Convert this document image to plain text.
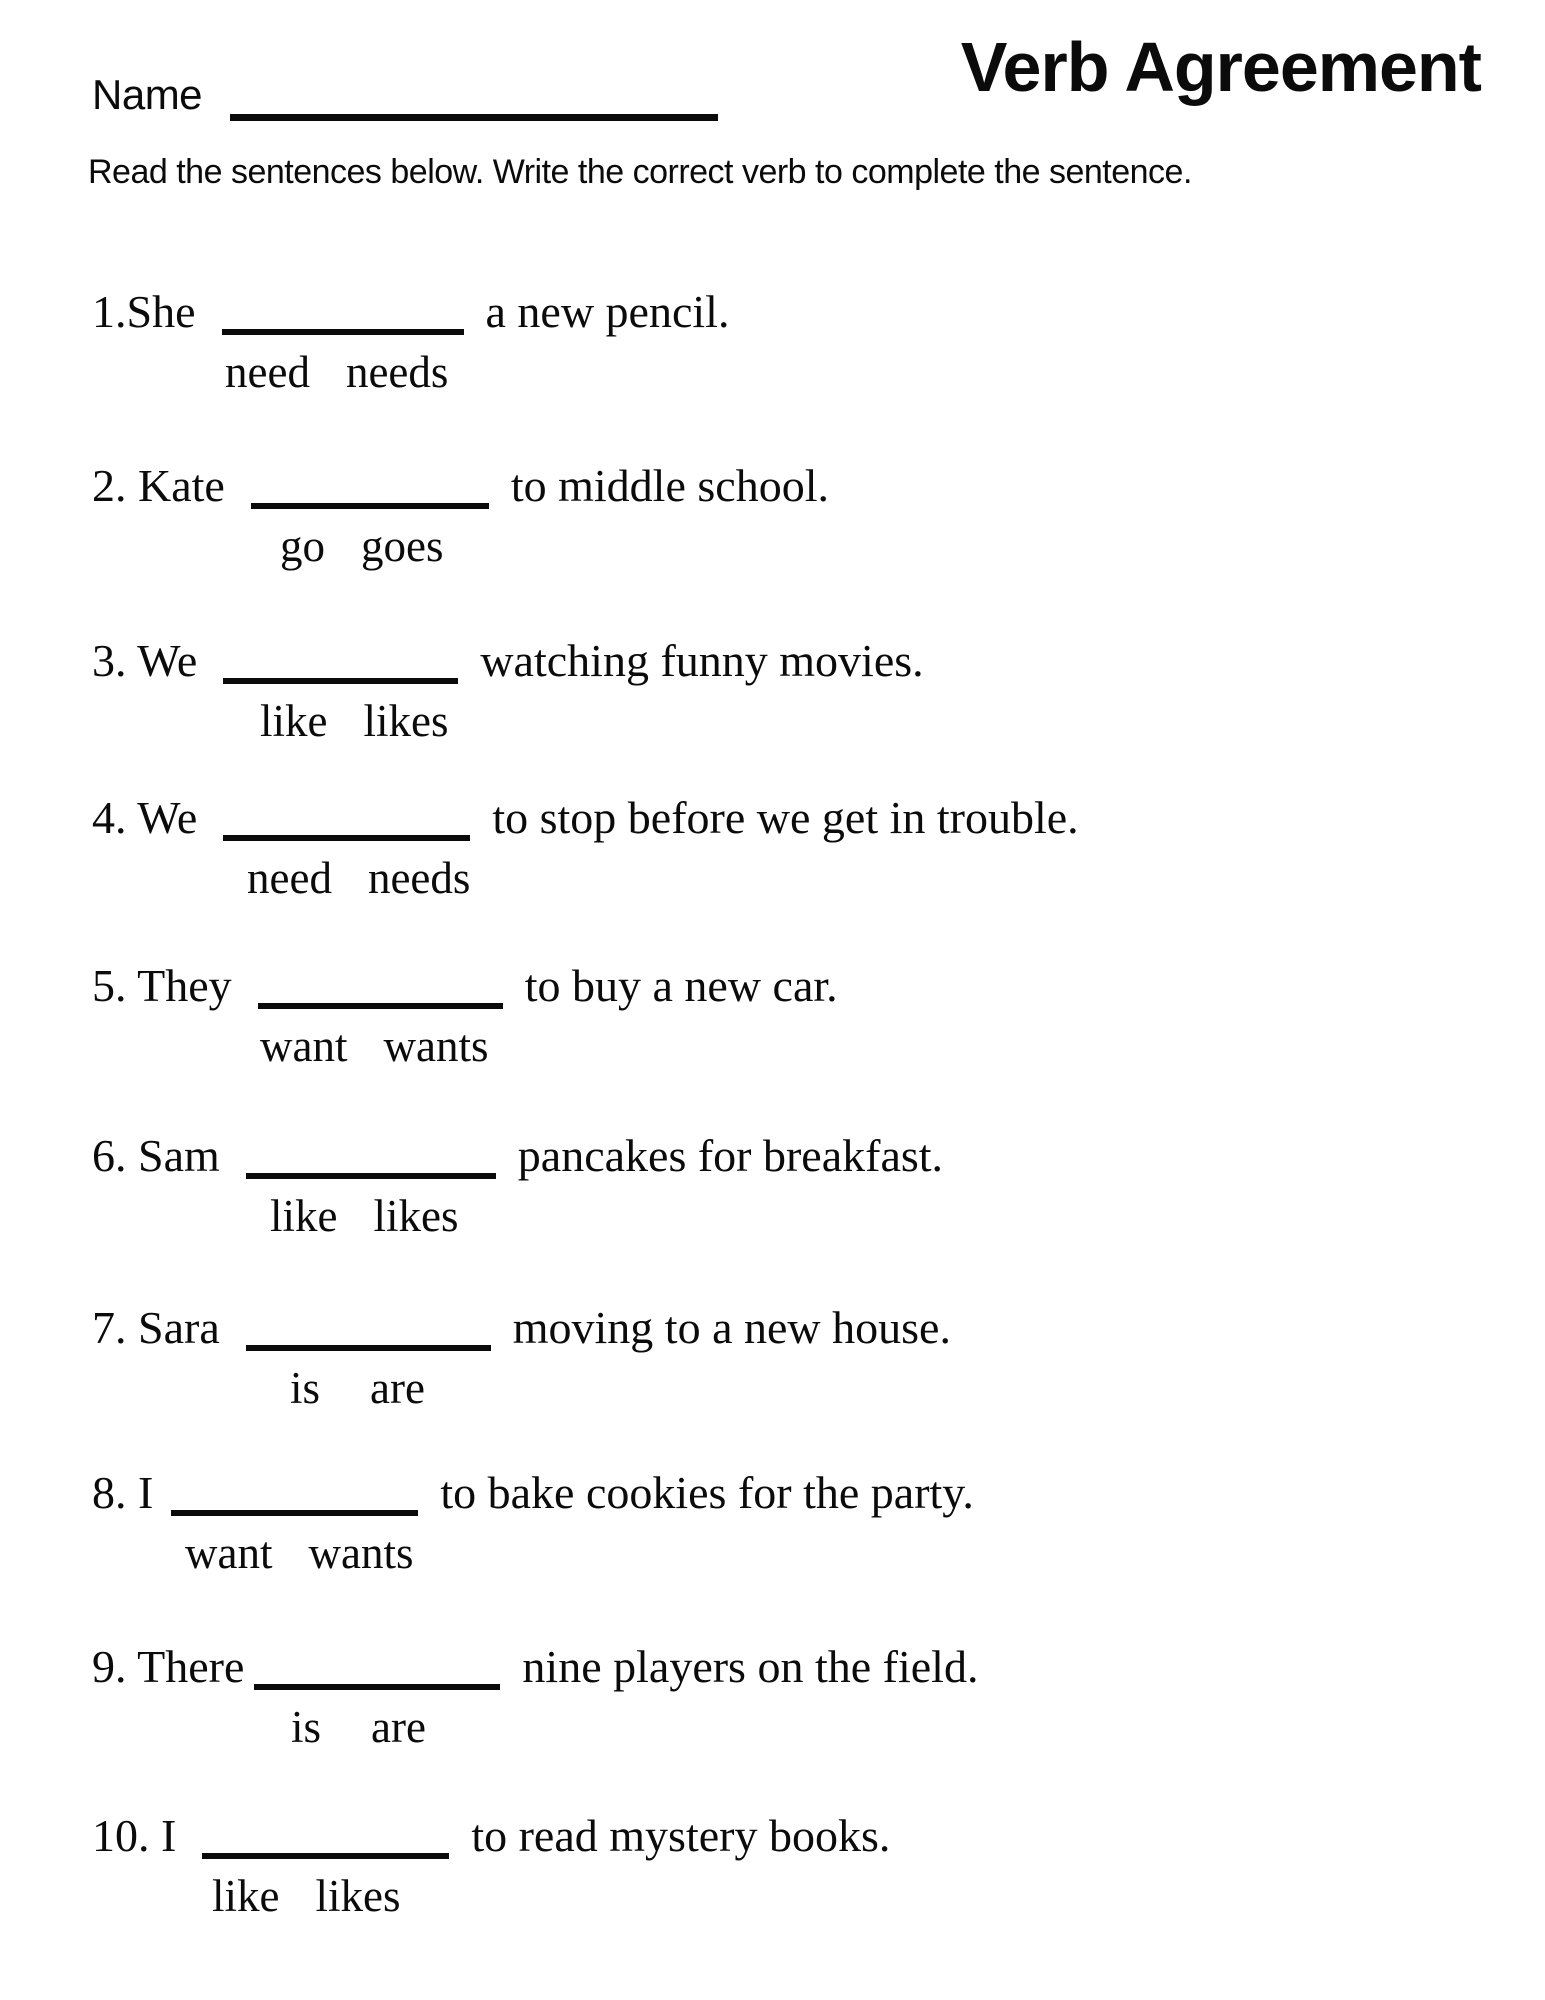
Name	Verb Agreement
Read the sentences below. Write the correct verb to complete the sentence.
1.She	a new pencil.
need needs
2. Kate	to middle school.
go goes
3. We	watching funny movies.
like likes
4. We	to stop before we get in trouble.
need needs
5. They	to buy a new car.
want wants
6. Sam	pancakes for breakfast.
like likes
7. Sara	moving to a new house.
is are
8. I	to bake cookies for the party.
want wants
9. There	nine players on the field.
is are
10. I	to read mystery books.
like likes
